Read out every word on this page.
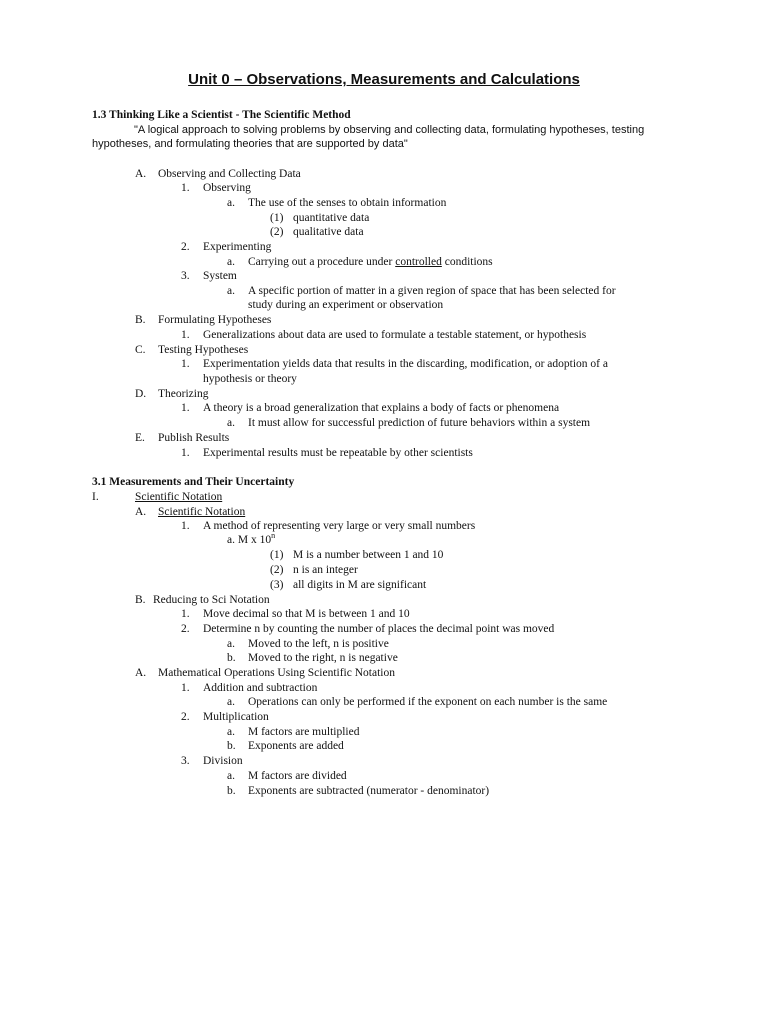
Unit 0 – Observations, Measurements and Calculations
1.3 Thinking Like a Scientist - The Scientific Method
"A logical approach to solving problems by observing and collecting data, formulating hypotheses, testing
hypotheses, and formulating theories that are supported by data"
A. Observing and Collecting Data
1. Observing
a. The use of the senses to obtain information
(1) quantitative data
(2) qualitative data
2. Experimenting
a. Carrying out a procedure under controlled conditions
3. System
a. A specific portion of matter in a given region of space that has been selected for
study during an experiment or observation
B. Formulating Hypotheses
1. Generalizations about data are used to formulate a testable statement, or hypothesis
C. Testing Hypotheses
1. Experimentation yields data that results in the discarding, modification, or adoption of a
hypothesis or theory
D. Theorizing
1. A theory is a broad generalization that explains a body of facts or phenomena
a. It must allow for successful prediction of future behaviors within a system
E. Publish Results
1. Experimental results must be repeatable by other scientists
3.1 Measurements and Their Uncertainty
I.	Scientific Notation
A. Scientific Notation
1. A method of representing very large or very small numbers
a. M x 10$^n$
(1) M is a number between 1 and 10
(2) n is an integer
(3) all digits in M are significant
B. Reducing to Sci Notation
1. Move decimal so that M is between 1 and 10
2. Determine n by counting the number of places the decimal point was moved
a. Moved to the left, n is positive
b. Moved to the right, n is negative
A. Mathematical Operations Using Scientific Notation
1. Addition and subtraction
a. Operations can only be performed if the exponent on each number is the same
2. Multiplication
a. M factors are multiplied
b. Exponents are added
3. Division
a. M factors are divided
b. Exponents are subtracted (numerator - denominator)
